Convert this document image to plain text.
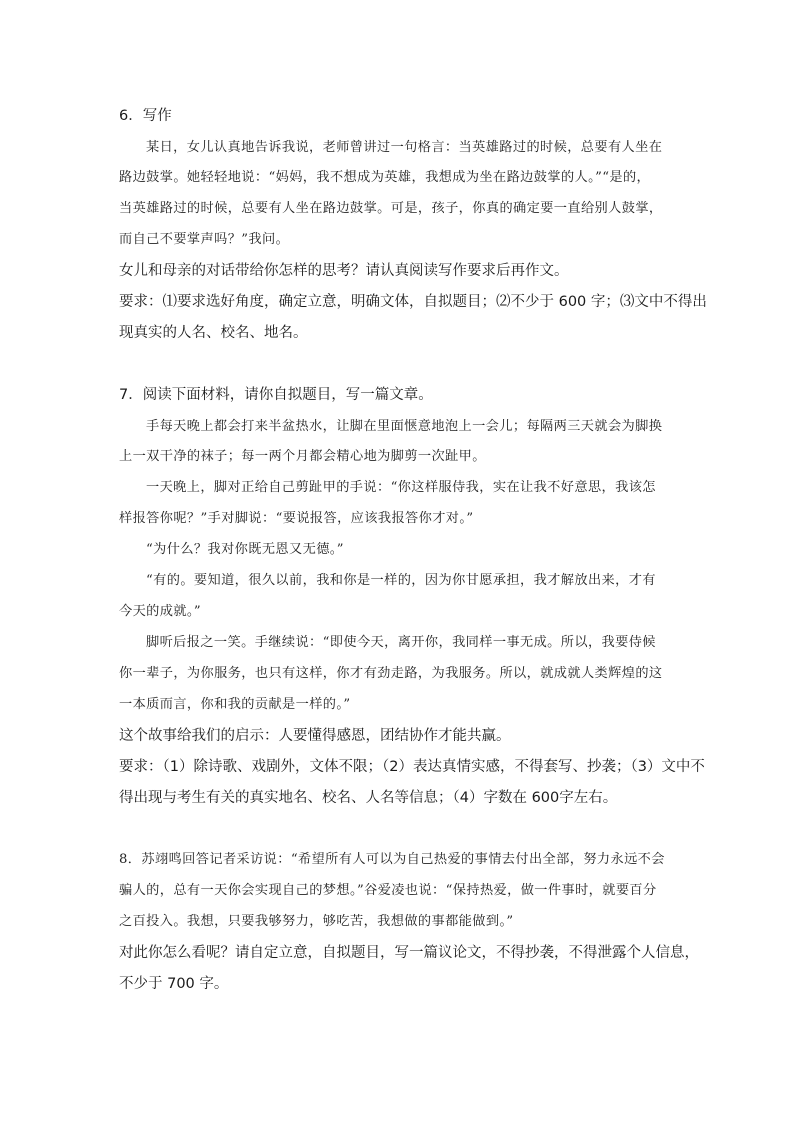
6．写作
某日，女儿认真地告诉我说，老师曾讲过一句格言：当英雄路过的时候，总要有人坐在
路边鼓掌。她轻轻地说：“妈妈，我不想成为英雄，我想成为坐在路边鼓掌的人。”“是的，
当英雄路过的时候，总要有人坐在路边鼓掌。可是，孩子，你真的确定要一直给别人鼓掌，
而自己不要掌声吗？”我问。
女儿和母亲的对话带给你怎样的思考？请认真阅读写作要求后再作文。
要求：⑴要求选好角度，确定立意，明确文体，自拟题目；⑵不少于 600 字；⑶文中不得出
现真实的人名、校名、地名。
7．阅读下面材料，请你自拟题目，写一篇文章。
手每天晚上都会打来半盆热水，让脚在里面惬意地泡上一会儿；每隔两三天就会为脚换
上一双干净的袜子；每一两个月都会精心地为脚剪一次趾甲。
一天晚上，脚对正给自己剪趾甲的手说：“你这样服侍我，实在让我不好意思，我该怎
样报答你呢？”手对脚说：“要说报答，应该我报答你才对。”
“为什么？我对你既无恩又无德。”
“有的。要知道，很久以前，我和你是一样的，因为你甘愿承担，我才解放出来，才有
今天的成就。”
脚听后报之一笑。手继续说：“即使今天，离开你，我同样一事无成。所以，我要侍候
你一辈子，为你服务，也只有这样，你才有劲走路，为我服务。所以，就成就人类辉煌的这
一本质而言，你和我的贡献是一样的。”
这个故事给我们的启示：人要懂得感恩，团结协作才能共赢。
要求：（1）除诗歌、戏剧外，文体不限；（2）表达真情实感，不得套写、抄袭；（3）文中不
得出现与考生有关的真实地名、校名、人名等信息；（4）字数在 600字左右。
8．苏翊鸣回答记者采访说：“希望所有人可以为自己热爱的事情去付出全部，努力永远不会
骗人的，总有一天你会实现自己的梦想。”谷爱凌也说：“保持热爱，做一件事时，就要百分
之百投入。我想，只要我够努力，够吃苦，我想做的事都能做到。”
对此你怎么看呢？请自定立意，自拟题目，写一篇议论文，不得抄袭，不得泄露个人信息，
不少于 700 字。
